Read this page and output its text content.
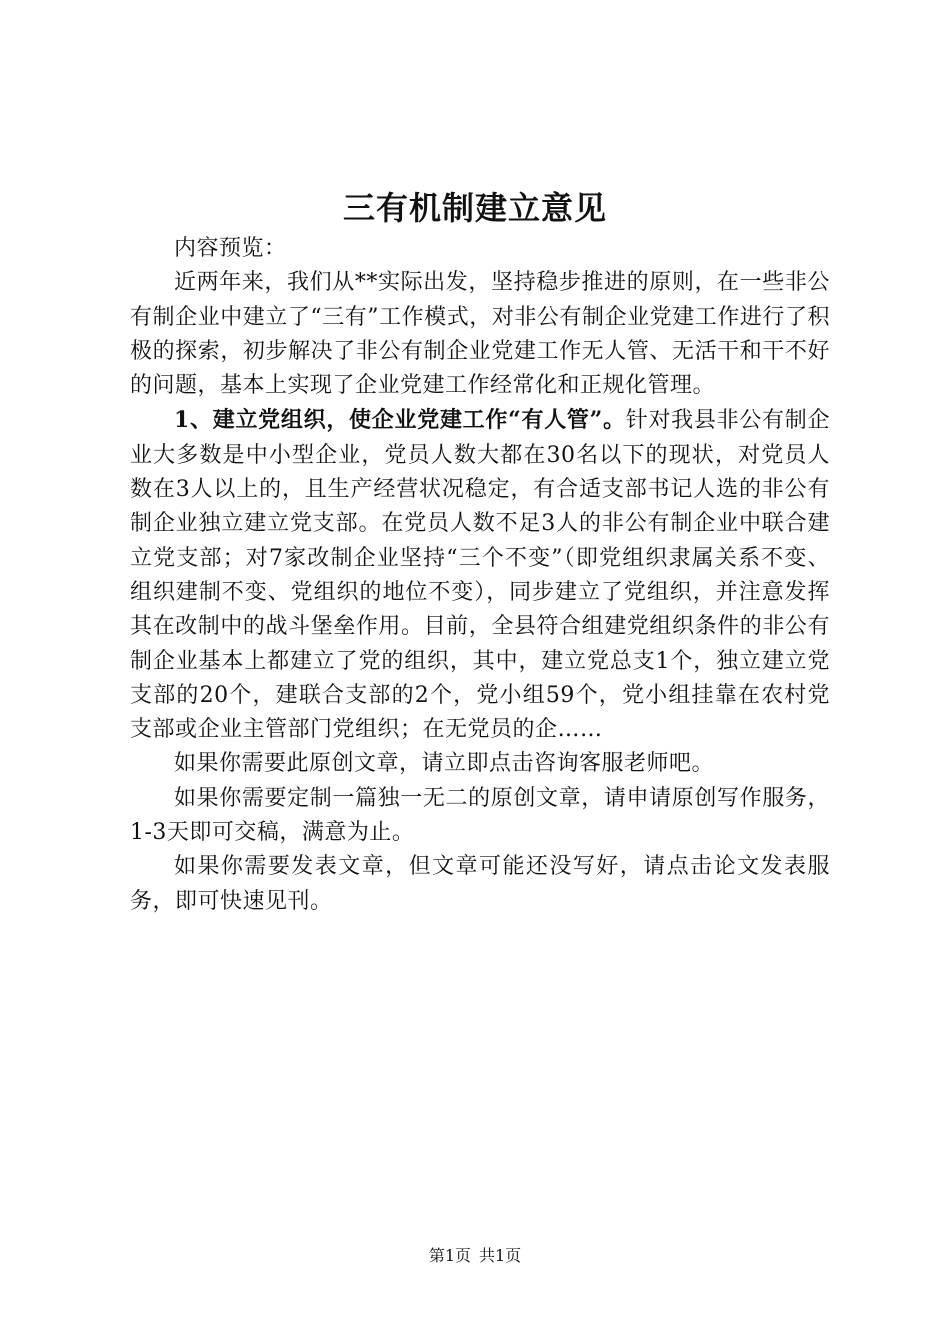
三有机制建立意见

内容预览：

近两年来，我们从**实际出发，坚持稳步推进的原则，在一些非公有制企业中建立了“三有”工作模式，对非公有制企业党建工作进行了积极的探索，初步解决了非公有制企业党建工作无人管、无活干和干不好的问题，基本上实现了企业党建工作经常化和正规化管理。

1、建立党组织，使企业党建工作“有人管”。针对我县非公有制企业大多数是中小型企业，党员人数大都在30名以下的现状，对党员人数在3人以上的，且生产经营状况稳定，有合适支部书记人选的非公有制企业独立建立党支部。在党员人数不足3人的非公有制企业中联合建立党支部；对7家改制企业坚持“三个不变”（即党组织隶属关系不变、组织建制不变、党组织的地位不变），同步建立了党组织，并注意发挥其在改制中的战斗堡垒作用。目前，全县符合组建党组织条件的非公有制企业基本上都建立了党的组织，其中，建立党总支1个，独立建立党支部的20个，建联合支部的2个，党小组59个，党小组挂靠在农村党支部或企业主管部门党组织；在无党员的企……

如果你需要此原创文章，请立即点击咨询客服老师吧。

如果你需要定制一篇独一无二的原创文章，请申请原创写作服务，1-3天即可交稿，满意为止。

如果你需要发表文章，但文章可能还没写好，请点击论文发表服务，即可快速见刊。

第1页 共1页
